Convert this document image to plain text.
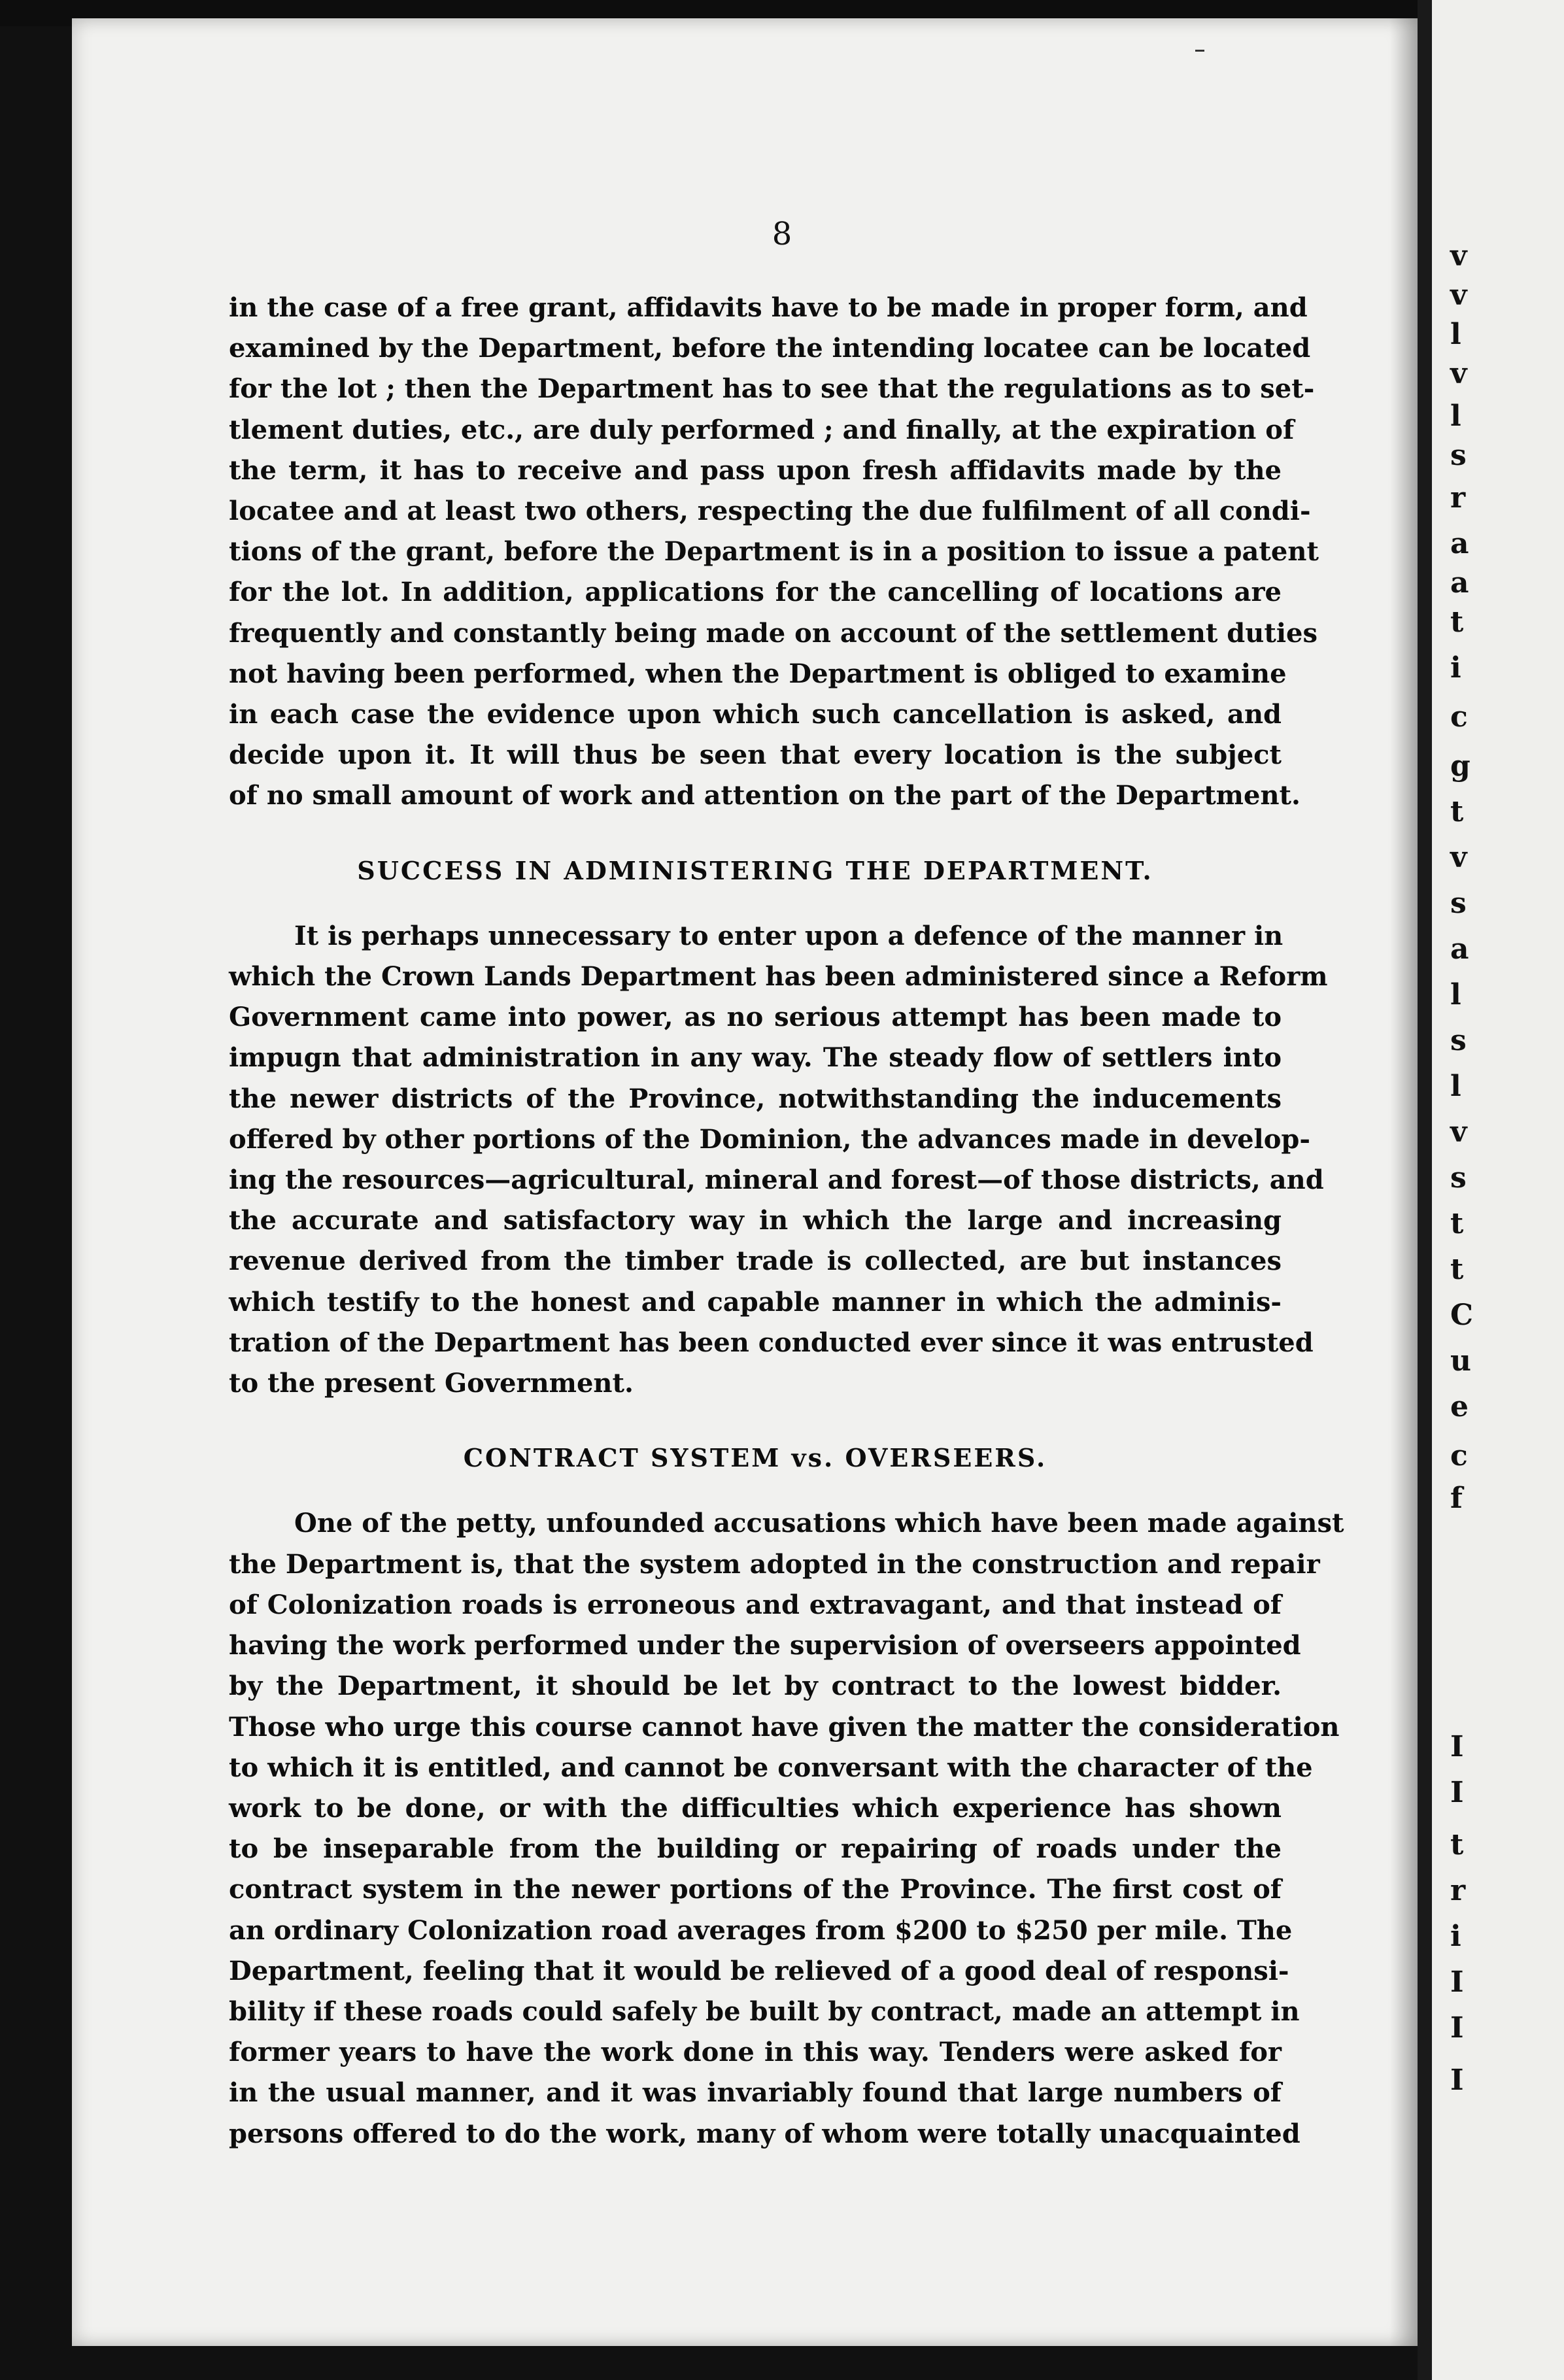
v
v
l
v
l
s
r
a
a
t
i
c
g
t
v
s
a
l
s
l
v
s
t
t
C
u
e
c
f
I
I
t
r
i
I
I
I
8
in the case of a free grant, affidavits have to be made in proper form, and
examined by the Department, before the intending locatee can be located
for the lot ; then the Department has to see that the regulations as to set-
tlement duties, etc., are duly performed ; and finally, at the expiration of
the term, it has to receive and pass upon fresh affidavits made by the
locatee and at least two others, respecting the due fulfilment of all condi-
tions of the grant, before the Department is in a position to issue a patent
for the lot. In addition, applications for the cancelling of locations are
frequently and constantly being made on account of the settlement duties
not having been performed, when the Department is obliged to examine
in each case the evidence upon which such cancellation is asked, and
decide upon it. It will thus be seen that every location is the subject
of no small amount of work and attention on the part of the Department.
SUCCESS IN ADMINISTERING THE DEPARTMENT.
It is perhaps unnecessary to enter upon a defence of the manner in
which the Crown Lands Department has been administered since a Reform
Government came into power, as no serious attempt has been made to
impugn that administration in any way. The steady flow of settlers into
the newer districts of the Province, notwithstanding the inducements
offered by other portions of the Dominion, the advances made in develop-
ing the resources—agricultural, mineral and forest—of those districts, and
the accurate and satisfactory way in which the large and increasing
revenue derived from the timber trade is collected, are but instances
which testify to the honest and capable manner in which the adminis-
tration of the Department has been conducted ever since it was entrusted
to the present Government.
CONTRACT SYSTEM vs. OVERSEERS.
One of the petty, unfounded accusations which have been made against
the Department is, that the system adopted in the construction and repair
of Colonization roads is erroneous and extravagant, and that instead of
having the work performed under the supervision of overseers appointed
by the Department, it should be let by contract to the lowest bidder.
Those who urge this course cannot have given the matter the consideration
to which it is entitled, and cannot be conversant with the character of the
work to be done, or with the difficulties which experience has shown
to be inseparable from the building or repairing of roads under the
contract system in the newer portions of the Province. The first cost of
an ordinary Colonization road averages from $200 to $250 per mile. The
Department, feeling that it would be relieved of a good deal of responsi-
bility if these roads could safely be built by contract, made an attempt in
former years to have the work done in this way. Tenders were asked for
in the usual manner, and it was invariably found that large numbers of
persons offered to do the work, many of whom were totally unacquainted
